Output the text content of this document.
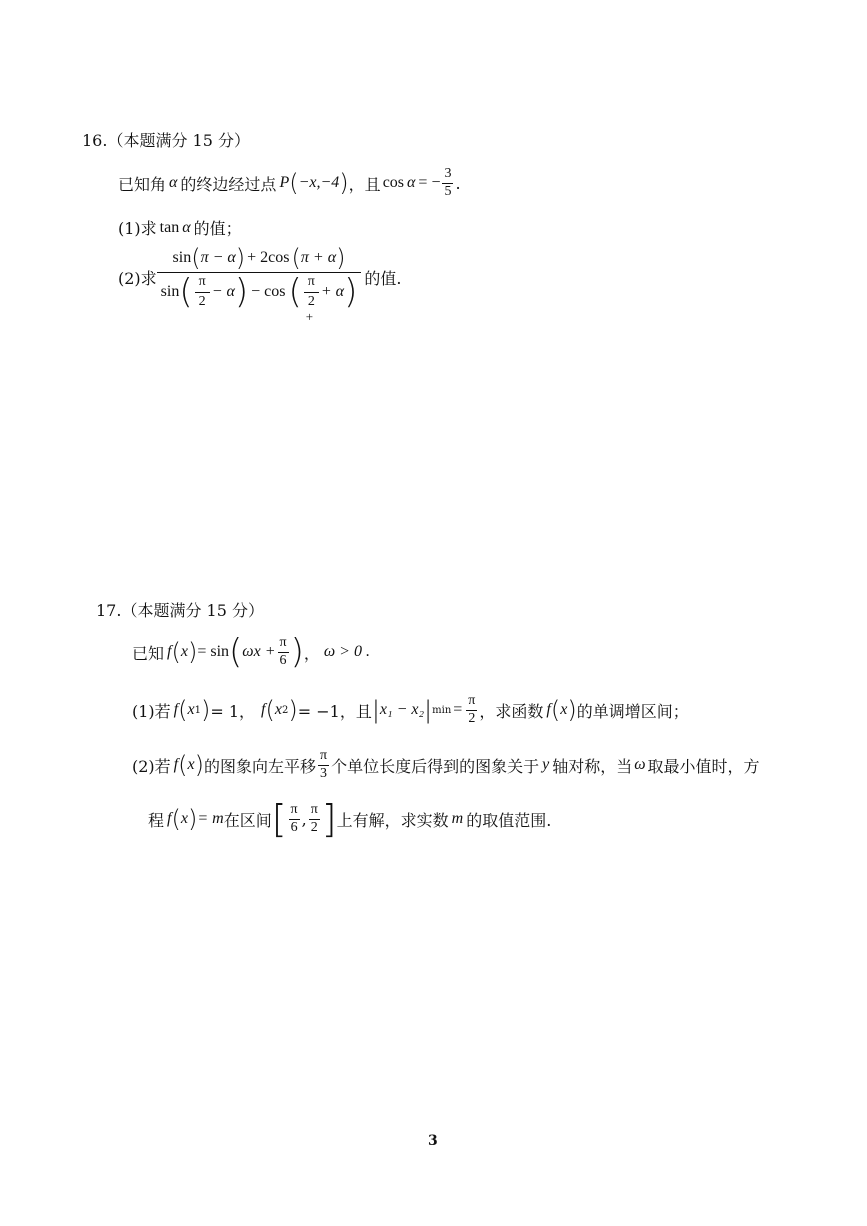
16.（本题满分 15 分）
已知角 α 的终边经过点 P ( −x,−4 ) ，且 cos α = − $\frac{3}{5}$ .
(1)求 tan α 的值；
(2)求
sin ( π − α ) + 2cos ( π + α )
sin ( $\frac{\pi}{2} - \alpha$ ) − cos ( π
2
+
+ α ) 的值.
17.（本题满分 15 分）
已知 f ( x ) = sin ( $\omega x + \frac{\pi}{6}$ ) ， ω > 0 .
(1)若 f ( x 1 ) = 1， f ( x 2 ) = −1，且 | x₁ − x₂ | $\min = \frac{\pi}{2}$ ，求函数 f ( x ) 的单调增区间；
(2)若 f ( x ) 的图象向左平移 $\frac{\pi}{3}$ 个单位长度后得到的图象关于 y 轴对称，当 ω 取最小值时，方
程 f ( x ) = m 在区间 [ $\frac{\pi}{6}$ , $\frac{\pi}{2}$ ] 上有解，求实数 m 的取值范围.
3
